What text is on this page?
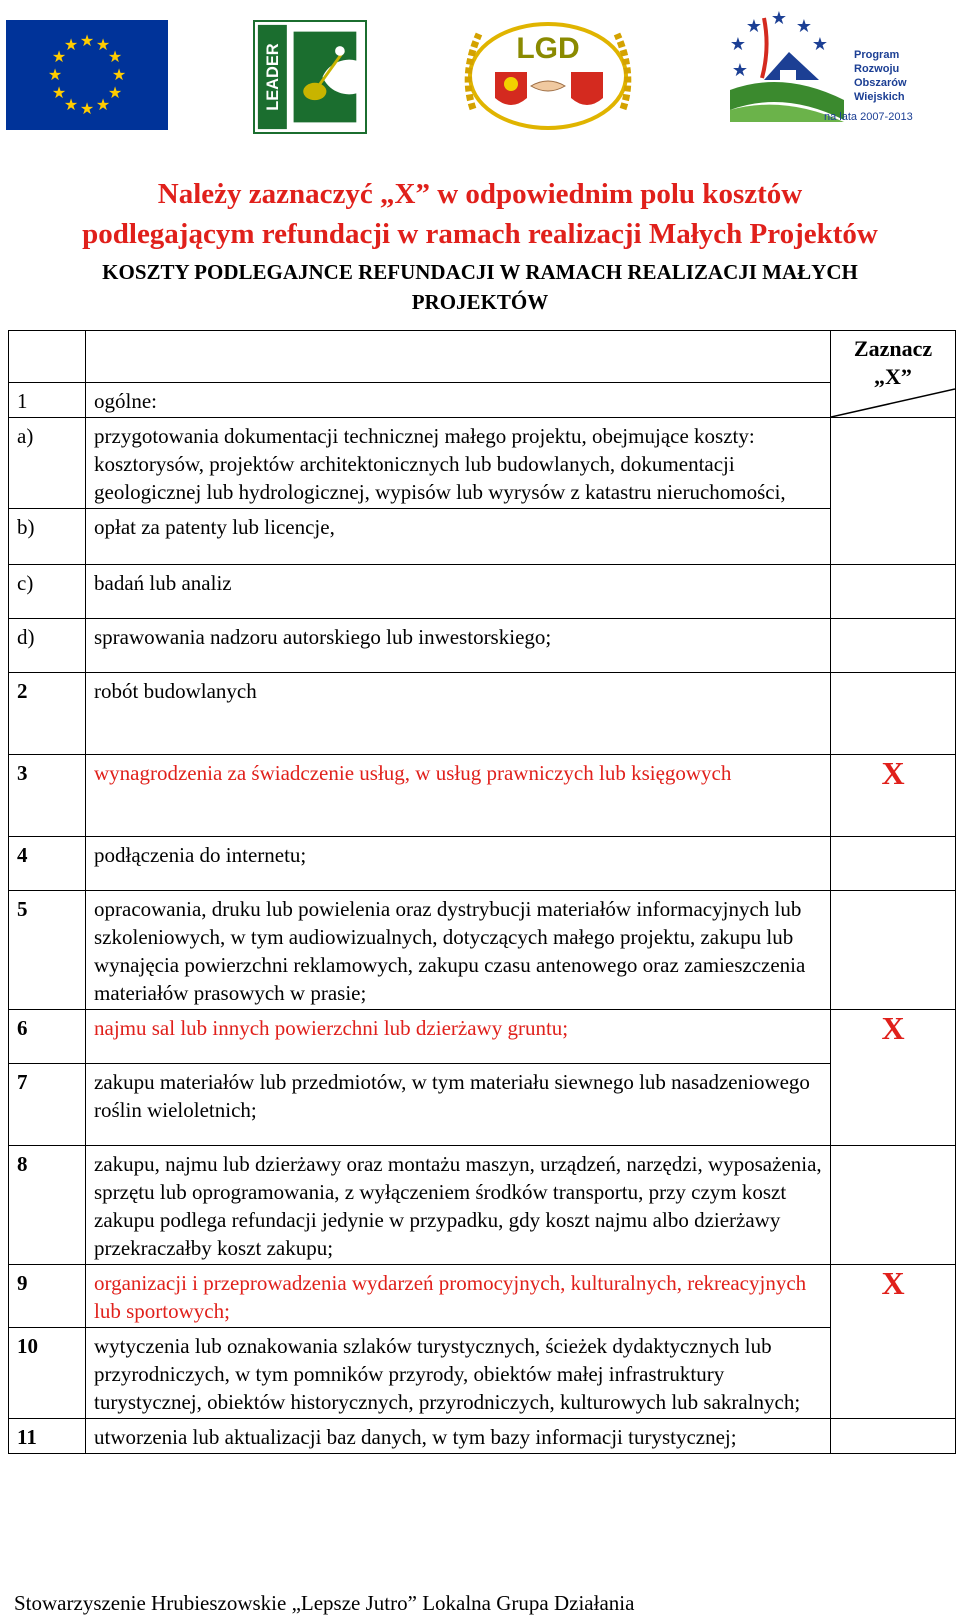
★ ★
★
★
★
★
★
★
★
★
★
★	LEADER	LGD	★
★ ★ ★
★
★
Program
Rozwoju
Obszarów
Wiejskich
na lata 2007-2013
Należy zaznaczyć „X” w odpowiednim polu kosztów
podlegającym refundacji w ramach realizacji Małych Projektów
KOSZTY PODLEGAJNCE REFUNDACJI W RAMACH REALIZACJI MAŁYCH
PROJEKTÓW

		Zaznacz
„X”

1	ogólne:	
a)	przygotowania dokumentacji technicznej małego projektu, obejmujące koszty: kosztorysów, projektów architektonicznych lub budowlanych, dokumentacji geologicznej lub hydrologicznej, wypisów lub wyrysów z katastru nieruchomości,	
b)	opłat za patenty lub licencje,	
c)	badań lub analiz	
d)	sprawowania nadzoru autorskiego lub inwestorskiego;	
2	robót budowlanych	
3	wynagrodzenia za świadczenie usług, w usług prawniczych lub księgowych	X
4	podłączenia do internetu;	
5	opracowania, druku lub powielenia oraz dystrybucji materiałów informacyjnych lub szkoleniowych, w tym audiowizualnych, dotyczących małego projektu, zakupu lub wynajęcia powierzchni reklamowych, zakupu czasu antenowego oraz zamieszczenia materiałów prasowych w prasie;	
6	najmu sal lub innych powierzchni lub dzierżawy gruntu;	X
7	zakupu materiałów lub przedmiotów, w tym materiału siewnego lub nasadzeniowego roślin wieloletnich;	
8	zakupu, najmu lub dzierżawy oraz montażu maszyn, urządzeń, narzędzi, wyposażenia, sprzętu lub oprogramowania, z wyłączeniem środków transportu, przy czym koszt zakupu podlega refundacji jedynie w przypadku, gdy koszt najmu albo dzierżawy przekraczałby koszt zakupu;	
9	organizacji i przeprowadzenia wydarzeń promocyjnych, kulturalnych, rekreacyjnych lub sportowych;	X
10	wytyczenia lub oznakowania szlaków turystycznych, ścieżek dydaktycznych lub przyrodniczych, w tym pomników przyrody, obiektów małej infrastruktury turystycznej, obiektów historycznych, przyrodniczych, kulturowych lub sakralnych;	
11	utworzenia lub aktualizacji baz danych, w tym bazy informacji turystycznej;	
Stowarzyszenie Hrubieszowskie „Lepsze Jutro” Lokalna Grupa Działania
